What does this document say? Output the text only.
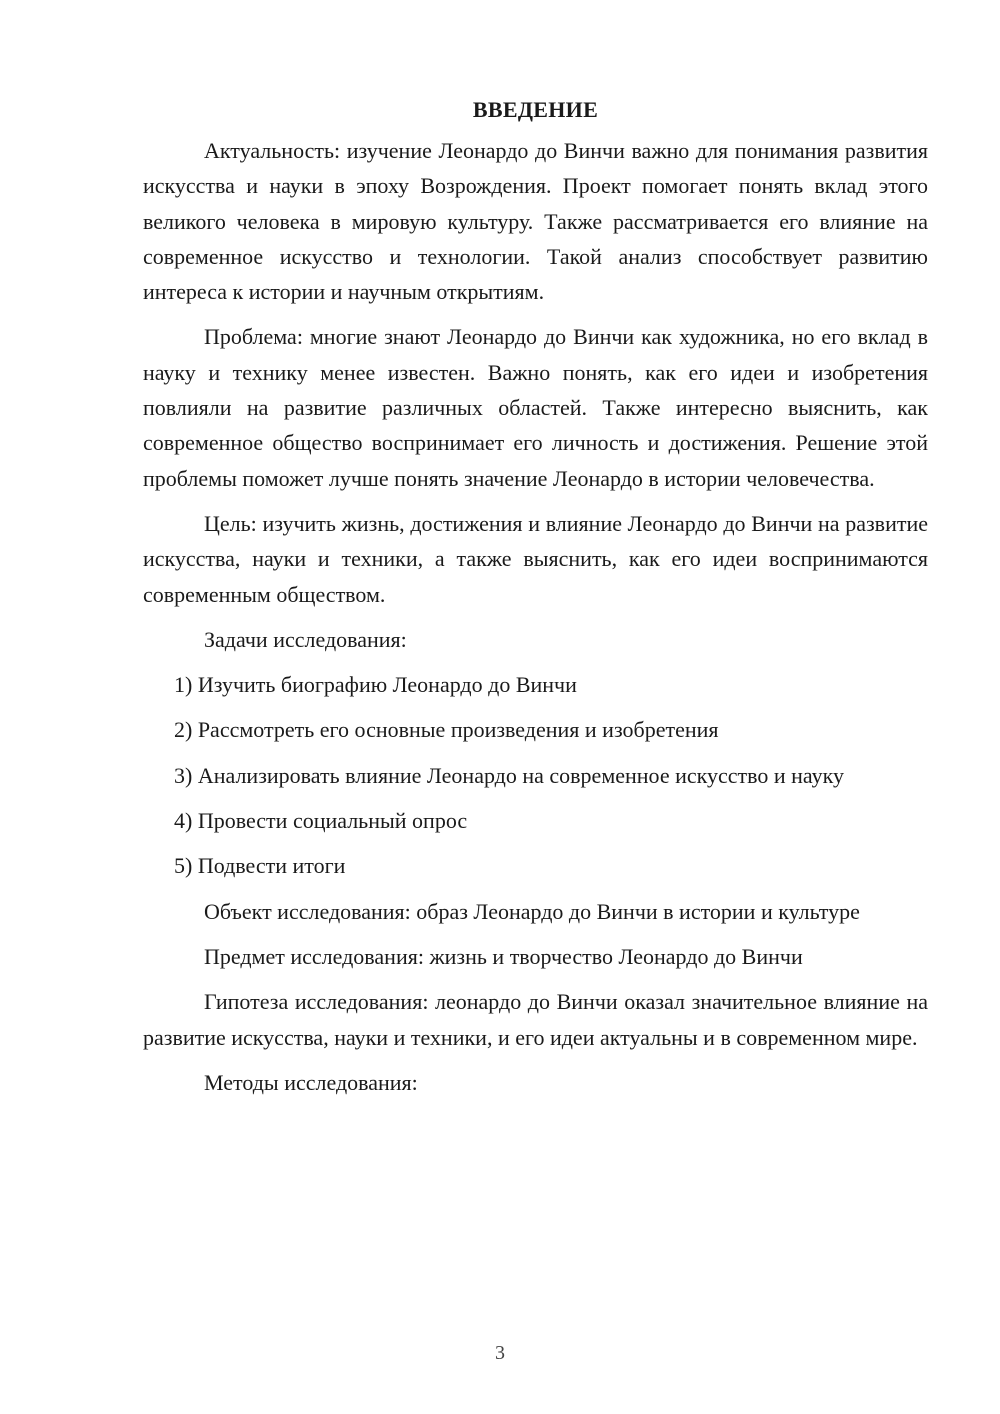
ВВЕДЕНИЕ

Актуальность: изучение Леонардо до Винчи важно для понимания развития искусства и науки в эпоху Возрождения. Проект помогает понять вклад этого великого человека в мировую культуру. Также рассматривается его влияние на современное искусство и технологии. Такой анализ способствует развитию интереса к истории и научным открытиям.

Проблема: многие знают Леонардо до Винчи как художника, но его вклад в науку и технику менее известен. Важно понять, как его идеи и изобретения повлияли на развитие различных областей. Также интересно выяснить, как современное общество воспринимает его личность и достижения. Решение этой проблемы поможет лучше понять значение Леонардо в истории человечества.

Цель: изучить жизнь, достижения и влияние Леонардо до Винчи на развитие искусства, науки и техники, а также выяснить, как его идеи воспринимаются современным обществом.

Задачи исследования:

1) Изучить биографию Леонардо до Винчи

2) Рассмотреть его основные произведения и изобретения

3) Анализировать влияние Леонардо на современное искусство и науку

4) Провести социальный опрос

5) Подвести итоги

Объект исследования: образ Леонардо до Винчи в истории и культуре

Предмет исследования: жизнь и творчество Леонардо до Винчи

Гипотеза исследования: леонардо до Винчи оказал значительное влияние на развитие искусства, науки и техники, и его идеи актуальны и в современном мире.

Методы исследования:

3
